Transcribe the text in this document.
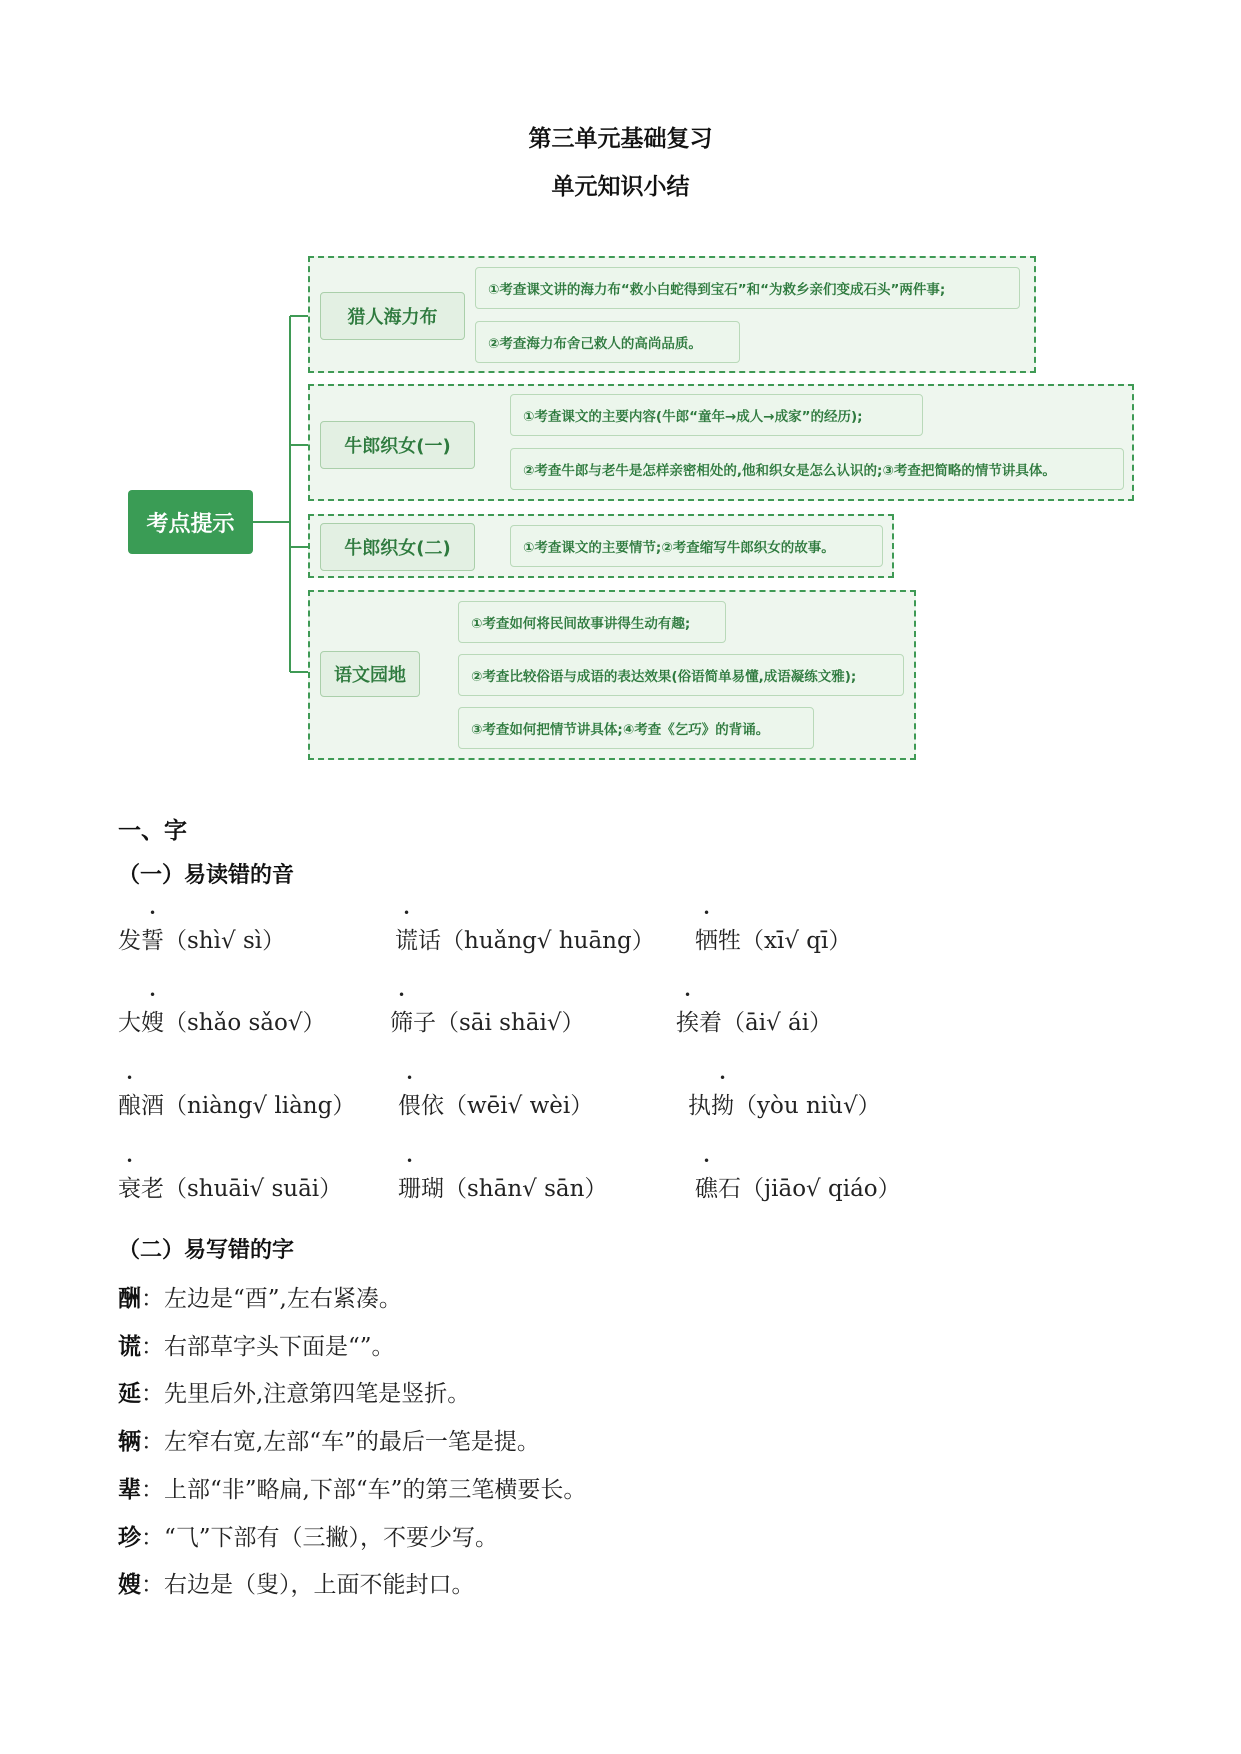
第三单元基础复习
单元知识小结
考点提示
猎人海力布
①考查课文讲的海力布“救小白蛇得到宝石”和“为救乡亲们变成石头”两件事;
②考查海力布舍己救人的高尚品质。
牛郎织女(一)
①考查课文的主要内容(牛郎“童年→成人→成家”的经历);
②考查牛郎与老牛是怎样亲密相处的,他和织女是怎么认识的;③考查把简略的情节讲具体。
牛郎织女(二)	①考查课文的主要情节;②考查缩写牛郎织女的故事。
语文园地
①考查如何将民间故事讲得生动有趣;
②考查比较俗语与成语的表达效果(俗语简单易懂,成语凝练文雅);
③考查如何把情节讲具体;④考查《乞巧》的背诵。
一、字
（一）易读错的音
发誓（shì√ sì）	谎话（huǎng√ huāng） 牺牲（xī√ qī）
大嫂（shǎo sǎo√）	筛子（sāi shāi√）	挨着（āi√ ái）
酿酒（niàng√ liàng） 偎依（wēi√ wèi）	执拗（yòu niù√）
衰老（shuāi√ suāi） 珊瑚（shān√ sān）	礁石（jiāo√ qiáo）
（二）易写错的字
酬：左边是“酉”,左右紧凑。
谎：右部草字头下面是“”。
延：先里后外,注意第四笔是竖折。
辆：左窄右宽,左部“车”的最后一笔是提。
辈：上部“非”略扁,下部“车”的第三笔横要长。
珍：“⺄”下部有（三撇），不要少写。
嫂：右边是（叟），上面不能封口。
